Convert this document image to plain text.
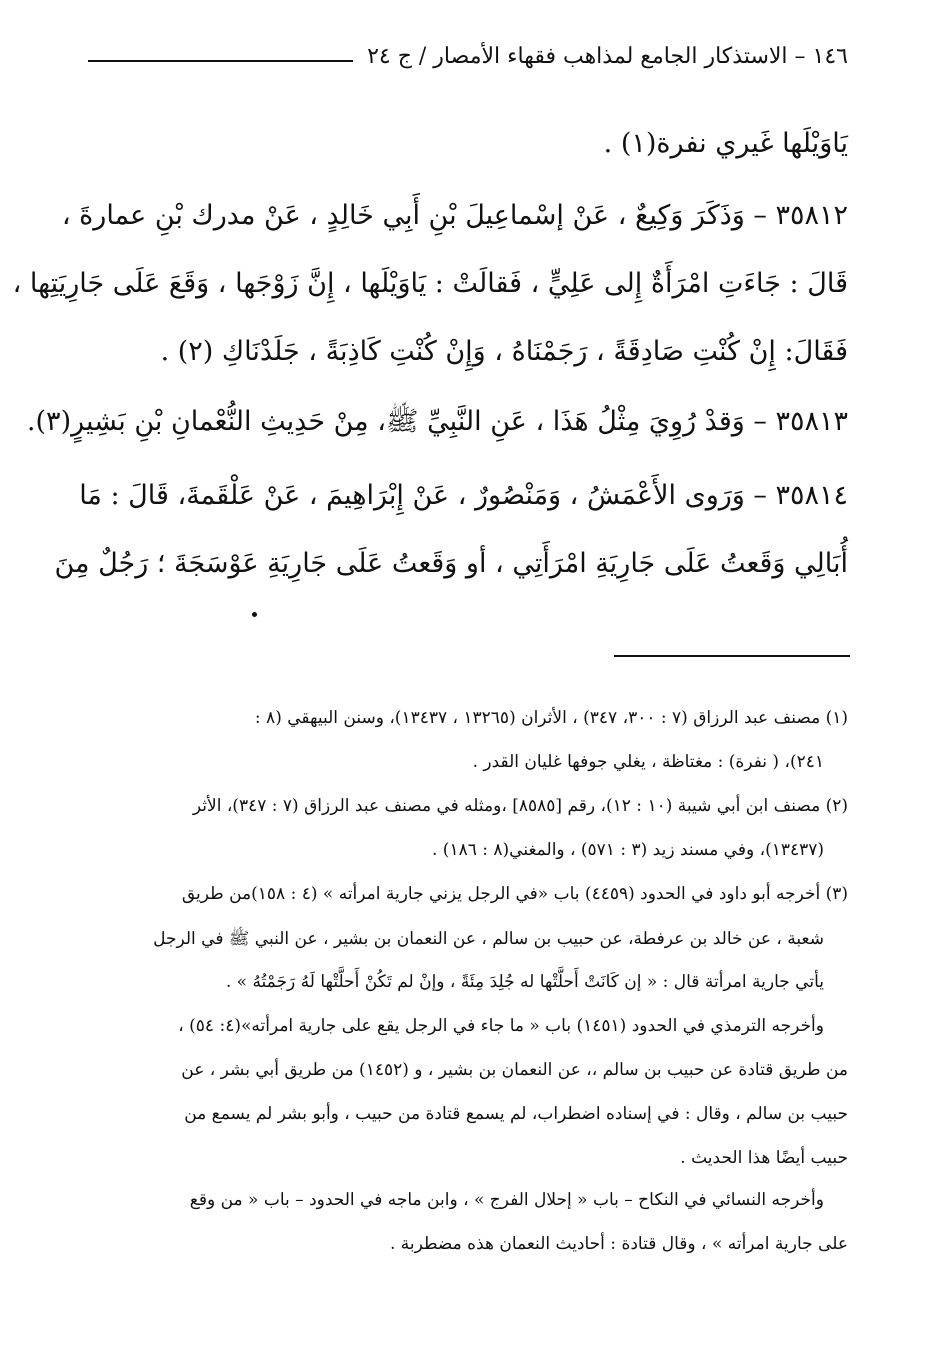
١٤٦ – الاستذكار الجامع لمذاهب فقهاء الأمصار / ج ٢٤
يَاوَيْلَها غَيري نفرة(١) .
٣٥٨١٢ – وَذَكَرَ وَكِيعٌ ، عَنْ إسْماعِيلَ بْنِ أَبِي خَالِدٍ ، عَنْ مدرك بْنِ عمارةَ ،
قَالَ : جَاءَتِ امْرَأَةٌ إِلى عَلِيٍّ ، فَقالَتْ : يَاوَيْلَها ، إِنَّ زَوْجَها ، وَقَعَ عَلَى جَارِيَتِها ،
فَقَالَ: إِنْ كُنْتِ صَادِقَةً ، رَجَمْنَاهُ ، وَإِنْ كُنْتِ كَاذِبَةً ، جَلَدْنَاكِ (٢) .
٣٥٨١٣ – وَقدْ رُوِيَ مِثْلُ هَذَا ، عَنِ النَّبِيِّ ﷺ، مِنْ حَدِيثِ النُّعْمانِ بْنِ بَشِيرٍ(٣).
٣٥٨١٤ – وَرَوى الأَعْمَشُ ، وَمَنْصُورٌ ، عَنْ إِبْرَاهِيمَ ، عَنْ عَلْقَمةَ، قَالَ : مَا
أُبَالِي وَقَعتُ عَلَى جَارِيَةِ امْرَأَتِي ، أو وَقَعتُ عَلَى جَارِيَةِ عَوْسَجَةَ ؛ رَجُلٌ مِنَ
(١) مصنف عبد الرزاق (٧ : ٣٠٠، ٣٤٧) ، الأثران (١٣٢٦٥ ، ١٣٤٣٧)، وسنن البيهقي (٨ :
٢٤١)، ( نفرة) : مغتاظة ، يغلي جوفها غليان القدر .
(٢) مصنف ابن أبي شيبة (١٠ : ١٢)، رقم [٨٥٨٥] ،ومثله في مصنف عبد الرزاق (٧ : ٣٤٧)، الأثر
(١٣٤٣٧)، وفي مسند زيد (٣ : ٥٧١) ، والمغني(٨ : ١٨٦) .
(٣) أخرجه أبو داود في الحدود (٤٤٥٩) باب «في الرجل يزني جارية امرأته » (٤ : ١٥٨)من طريق
شعبة ، عن خالد بن عرفطة، عن حبيب بن سالم ، عن النعمان بن بشير ، عن النبي ﷺ في الرجل
يأتي جارية امرأتة قال : « إن كَانَتْ أَحلَّتْها له جُلِدَ مِئَةً ، وإنْ لم تَكُنْ أَحلَّتْها لَهُ رَجَمْتُهُ » .
وأخرجه الترمذي في الحدود (١٤٥١) باب « ما جاء في الرجل يقع على جارية امرأته»(٤: ٥٤) ،
من طريق قتادة عن حبيب بن سالم ،، عن النعمان بن بشير ، و (١٤٥٢) من طريق أبي بشر ، عن
حبيب بن سالم ، وقال : في إسناده اضطراب، لم يسمع قتادة من حبيب ، وأبو بشر لم يسمع من
حبيب أيضًا هذا الحديث .
وأخرجه النسائي في النكاح – باب « إحلال الفرج » ، وابن ماجه في الحدود – باب « من وقع
على جارية امرأته » ، وقال قتادة : أحاديث النعمان هذه مضطربة .
